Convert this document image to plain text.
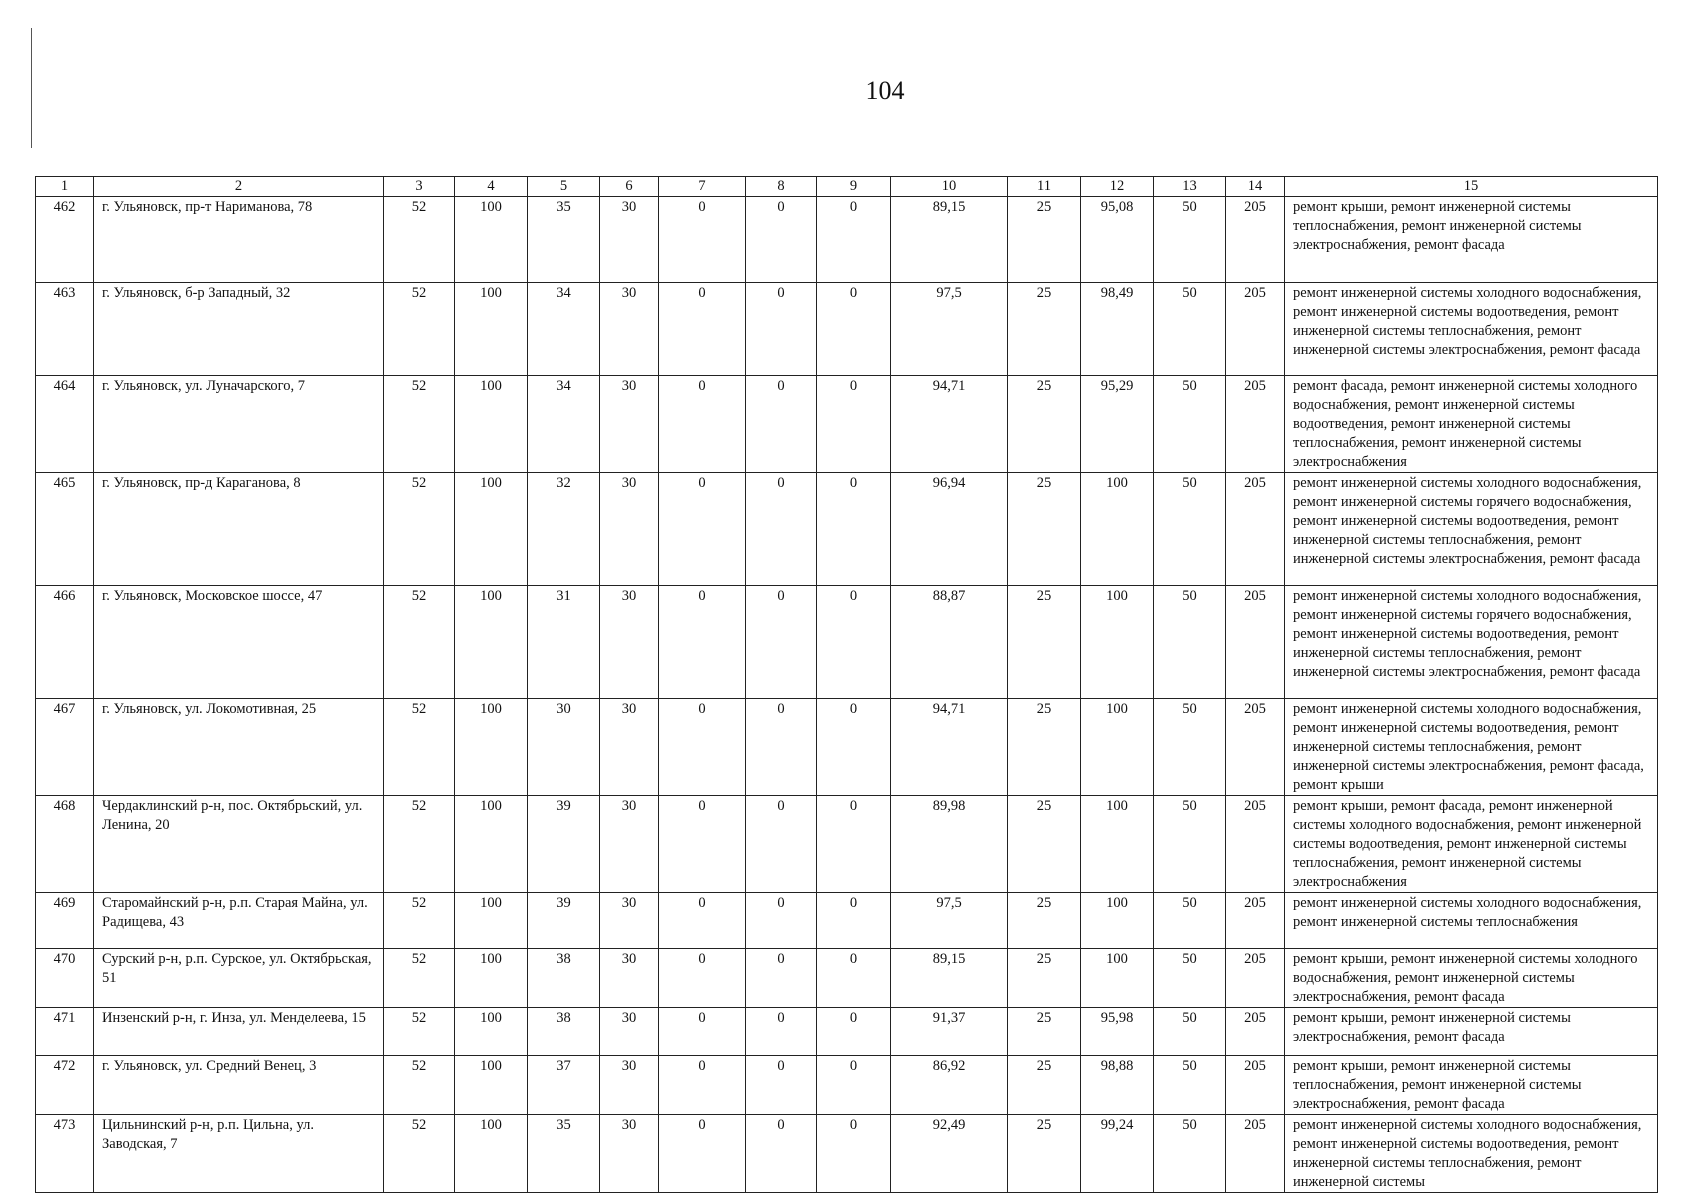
104
1	2	3	4	5	6	7	8	9	10	11	12	13	14	15
462	г. Ульяновск, пр-т Нариманова, 78	52	100	35	30	0	0	0	89,15	25	95,08	50	205	ремонт крыши, ремонт инженерной системы теплоснабжения, ремонт инженерной системы электроснабжения, ремонт фасада
463	г. Ульяновск, б-р Западный, 32	52	100	34	30	0	0	0	97,5	25	98,49	50	205	ремонт инженерной системы холодного водоснабжения, ремонт инженерной системы водоотведения, ремонт инженерной системы теплоснабжения, ремонт инженерной системы электроснабжения, ремонт фасада
464	г. Ульяновск, ул. Луначарского, 7	52	100	34	30	0	0	0	94,71	25	95,29	50	205	ремонт фасада, ремонт инженерной системы холодного водоснабжения, ремонт инженерной системы водоотведения, ремонт инженерной системы теплоснабжения, ремонт инженерной системы электроснабжения
465	г. Ульяновск, пр-д Караганова, 8	52	100	32	30	0	0	0	96,94	25	100	50	205	ремонт инженерной системы холодного водоснабжения, ремонт инженерной системы горячего водоснабжения, ремонт инженерной системы водоотведения, ремонт инженерной системы теплоснабжения, ремонт инженерной системы электроснабжения, ремонт фасада
466	г. Ульяновск, Московское шоссе, 47	52	100	31	30	0	0	0	88,87	25	100	50	205	ремонт инженерной системы холодного водоснабжения, ремонт инженерной системы горячего водоснабжения, ремонт инженерной системы водоотведения, ремонт инженерной системы теплоснабжения, ремонт инженерной системы электроснабжения, ремонт фасада
467	г. Ульяновск, ул. Локомотивная, 25	52	100	30	30	0	0	0	94,71	25	100	50	205	ремонт инженерной системы холодного водоснабжения, ремонт инженерной системы водоотведения, ремонт инженерной системы теплоснабжения, ремонт инженерной системы электроснабжения, ремонт фасада, ремонт крыши
468	Чердаклинский р-н, пос. Октябрьский, ул. Ленина, 20	52	100	39	30	0	0	0	89,98	25	100	50	205	ремонт крыши, ремонт фасада, ремонт инженерной системы холодного водоснабжения, ремонт инженерной системы водоотведения, ремонт инженерной системы теплоснабжения, ремонт инженерной системы электроснабжения
469	Старомайнский р-н, р.п. Старая Майна, ул. Радищева, 43	52	100	39	30	0	0	0	97,5	25	100	50	205	ремонт инженерной системы холодного водоснабжения, ремонт инженерной системы теплоснабжения
470	Сурский р-н, р.п. Сурское, ул. Октябрьская, 51	52	100	38	30	0	0	0	89,15	25	100	50	205	ремонт крыши, ремонт инженерной системы холодного водоснабжения, ремонт инженерной системы электроснабжения, ремонт фасада
471	Инзенский р-н, г. Инза, ул. Менделеева, 15	52	100	38	30	0	0	0	91,37	25	95,98	50	205	ремонт крыши, ремонт инженерной системы электроснабжения, ремонт фасада
472	г. Ульяновск, ул. Средний Венец, 3	52	100	37	30	0	0	0	86,92	25	98,88	50	205	ремонт крыши, ремонт инженерной системы теплоснабжения, ремонт инженерной системы электроснабжения, ремонт фасада
473	Цильнинский р-н, р.п. Цильна, ул. Заводская, 7	52	100	35	30	0	0	0	92,49	25	99,24	50	205	ремонт инженерной системы холодного водоснабжения, ремонт инженерной системы водоотведения, ремонт инженерной системы теплоснабжения, ремонт инженерной системы
